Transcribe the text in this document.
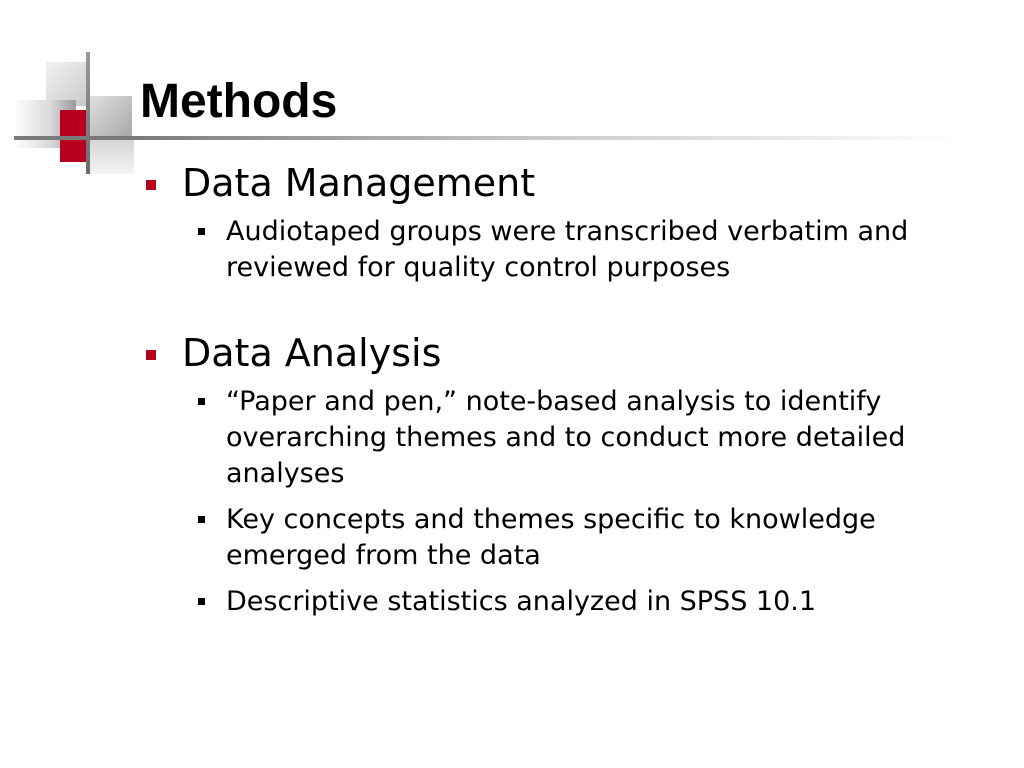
Methods
Data Management
Audiotaped groups were transcribed verbatim and reviewed for quality control purposes
Data Analysis
“Paper and pen,” note-based analysis to identify overarching themes and to conduct more detailed analyses
Key concepts and themes specific to knowledge emerged from the data
Descriptive statistics analyzed in SPSS 10.1
